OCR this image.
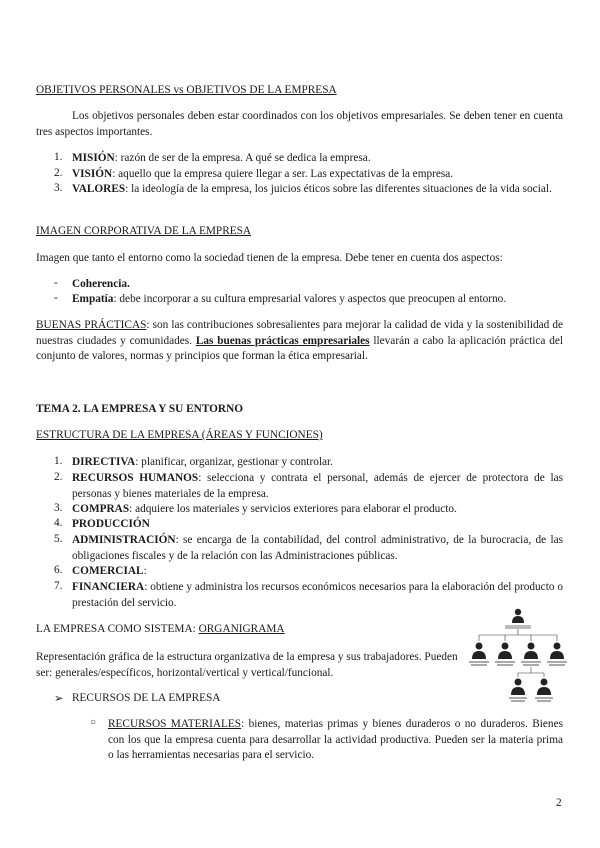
OBJETIVOS PERSONALES vs OBJETIVOS DE LA EMPRESA

Los objetivos personales deben estar coordinados con los objetivos empresariales. Se deben tener en cuenta tres aspectos importantes.

1. MISIÓN: razón de ser de la empresa. A qué se dedica la empresa.
2. VISIÓN: aquello que la empresa quiere llegar a ser. Las expectativas de la empresa.
3. VALORES: la ideología de la empresa, los juicios éticos sobre las diferentes situaciones de la vida social.
IMAGEN CORPORATIVA DE LA EMPRESA

Imagen que tanto el entorno como la sociedad tienen de la empresa. Debe tener en cuenta dos aspectos:

- Coherencia.
- Empatía: debe incorporar a su cultura empresarial valores y aspectos que preocupen al entorno.

BUENAS PRÁCTICAS: son las contribuciones sobresalientes para mejorar la calidad de vida y la sostenibilidad de nuestras ciudades y comunidades. Las buenas prácticas empresariales llevarán a cabo la aplicación práctica del conjunto de valores, normas y principios que forman la ética empresarial.

TEMA 2. LA EMPRESA Y SU ENTORNO
ESTRUCTURA DE LA EMPRESA (ÁREAS Y FUNCIONES)
1. DIRECTIVA: planificar, organizar, gestionar y controlar.
2. RECURSOS HUMANOS: selecciona y contrata el personal, además de ejercer de protectora de las personas y bienes materiales de la empresa.
3. COMPRAS: adquiere los materiales y servicios exteriores para elaborar el producto.
4. PRODUCCIÓN
5. ADMINISTRACIÓN: se encarga de la contabilidad, del control administrativo, de la burocracia, de las obligaciones fiscales y de la relación con las Administraciones públicas.
6. COMERCIAL:
7. FINANCIERA: obtiene y administra los recursos económicos necesarios para la elaboración del producto o prestación del servicio.
LA EMPRESA COMO SISTEMA: ORGANIGRAMA

Representación gráfica de la estructura organizativa de la empresa y sus trabajadores. Pueden ser: generales/específicos, horizontal/vertical y vertical/funcional.

➢ RECURSOS DE LA EMPRESA
○ RECURSOS MATERIALES: bienes, materias primas y bienes duraderos o no duraderos. Bienes con los que la empresa cuenta para desarrollar la actividad productiva. Pueden ser la materia prima o las herramientas necesarias para el servicio.

2
